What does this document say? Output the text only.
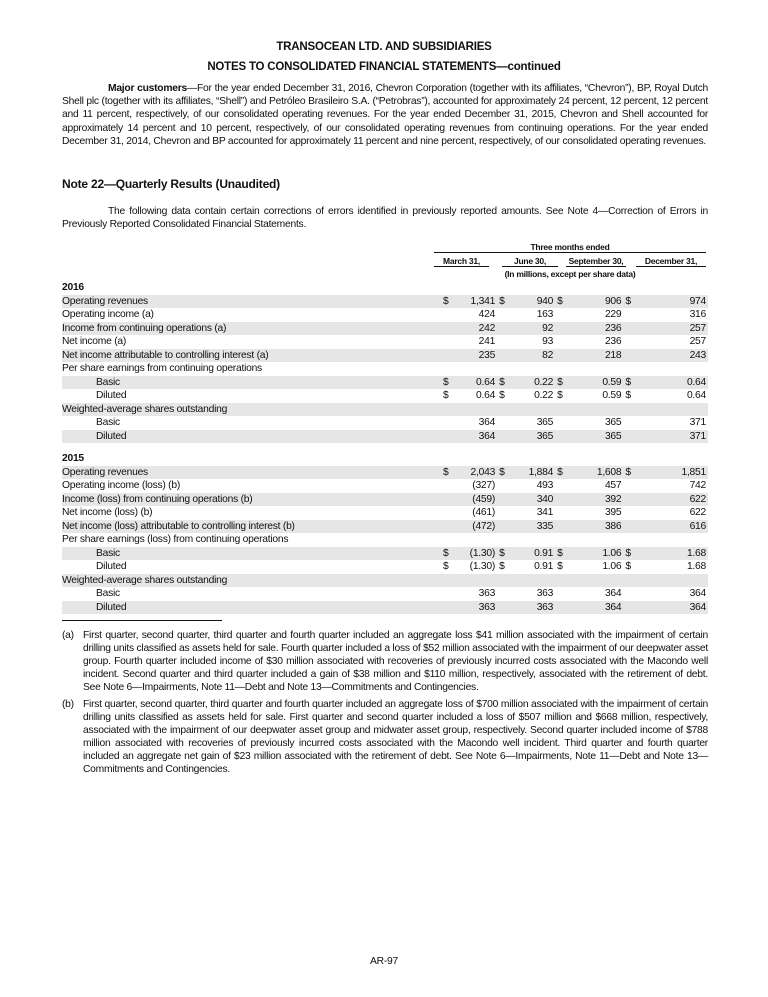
TRANSOCEAN LTD. AND SUBSIDIARIES
NOTES TO CONSOLIDATED FINANCIAL STATEMENTS—continued
Major customers—For the year ended December 31, 2016, Chevron Corporation (together with its affiliates, “Chevron”), BP, Royal Dutch Shell plc (together with its affiliates, “Shell”) and Petróleo Brasileiro S.A. (“Petrobras”), accounted for approximately 24 percent, 12 percent, 12 percent and 11 percent, respectively, of our consolidated operating revenues. For the year ended December 31, 2015, Chevron and Shell accounted for approximately 14 percent and 10 percent, respectively, of our consolidated operating revenues from continuing operations. For the year ended December 31, 2014, Chevron and BP accounted for approximately 11 percent and nine percent, respectively, of our consolidated operating revenues.
Note 22—Quarterly Results (Unaudited)
The following data contain certain corrections of errors identified in previously reported amounts. See Note 4—Correction of Errors in Previously Reported Consolidated Financial Statements.
Three months ended
March 31,	June 30,	September 30,	December 31,
(In millions, except per share data)
2016								
Operating revenues	$	1,341	$	940	$	906	$	974
Operating income (a)		424		163		229		316
Income from continuing operations (a)		242		92		236		257
Net income (a)		241		93		236		257
Net income attributable to controlling interest (a)		235		82		218		243
Per share earnings from continuing operations								
Basic	$	0.64	$	0.22	$	0.59	$	0.64
Diluted	$	0.64	$	0.22	$	0.59	$	0.64
Weighted-average shares outstanding								
Basic		364		365		365		371
Diluted		364		365		365		371
2015								
Operating revenues	$	2,043	$	1,884	$	1,608	$	1,851
Operating income (loss) (b)		(327)		493		457		742
Income (loss) from continuing operations (b)		(459)		340		392		622
Net income (loss) (b)		(461)		341		395		622
Net income (loss) attributable to controlling interest (b)		(472)		335		386		616
Per share earnings (loss) from continuing operations								
Basic	$	(1.30)	$	0.91	$	1.06	$	1.68
Diluted	$	(1.30)	$	0.91	$	1.06	$	1.68
Weighted-average shares outstanding								
Basic		363		363		364		364
Diluted		363		363		364		364
(a) First quarter, second quarter, third quarter and fourth quarter included an aggregate loss $41 million associated with the impairment of certain drilling units classified as assets held for sale. Fourth quarter included a loss of $52 million associated with the impairment of our deepwater asset group. Fourth quarter included income of $30 million associated with recoveries of previously incurred costs associated with the Macondo well incident. Second quarter and third quarter included a gain of $38 million and $110 million, respectively, associated with the retirement of debt. See Note 6—Impairments, Note 11—Debt and Note 13—Commitments and Contingencies.
(b) First quarter, second quarter, third quarter and fourth quarter included an aggregate loss of $700 million associated with the impairment of certain drilling units classified as assets held for sale. First quarter and second quarter included a loss of $507 million and $668 million, respectively, associated with the impairment of our deepwater asset group and midwater asset group, respectively. Second quarter included income of $788 million associated with recoveries of previously incurred costs associated with the Macondo well incident. Third quarter and fourth quarter included an aggregate net gain of $23 million associated with the retirement of debt. See Note 6—Impairments, Note 11—Debt and Note 13—Commitments and Contingencies.
AR-97
